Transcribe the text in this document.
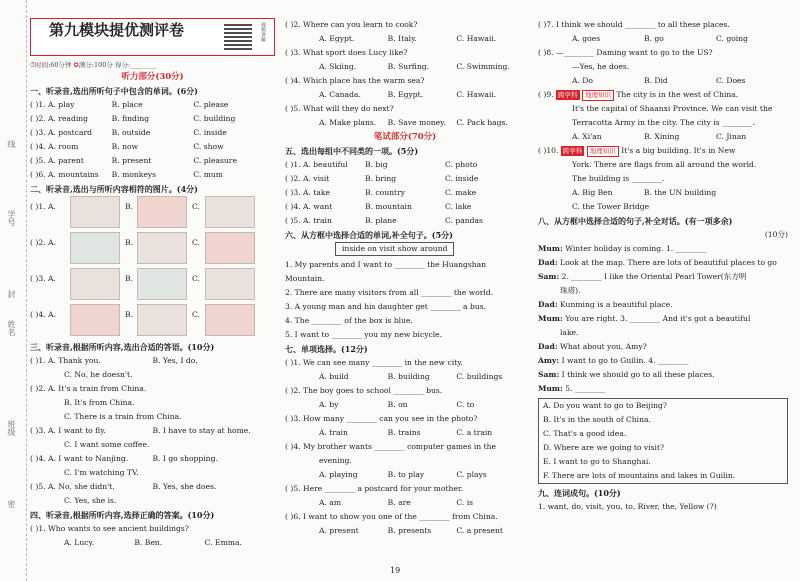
线
学号
封
姓名
班级
密
第九模块提优测评卷	视频讲解
⏱时间:60分钟 ✪满分:100分 得分:________
听力部分(30分)
一、听录音,选出所听句子中包含的单词。(6分)
( )1. A. play	B. place	C. please
( )2. A. reading	B. finding	C. building
( )3. A. postcard	B. outside	C. inside
( )4. A. room	B. now	C. show
( )5. A. parent	B. present	C. pleasure
( )6. A. mountains	B. monkeys	C. mum
二、听录音,选出与所听内容相符的图片。(4分)
( )1. A.	B.	C.
( )2. A.	B.	C.
( )3. A.	B.	C.
( )4. A.	B.	C.
三、听录音,根据所听内容,选出合适的答语。(10分)
( )1. A. Thank you.	B. Yes, I do.
C. No, he doesn't.
( )2. A. It's a train from China.
B. It's from China.
C. There is a train from China.
( )3. A. I want to fly.	B. I have to stay at home.
C. I want some coffee.
( )4. A. I want to Nanjing.	B. I go shopping.
C. I'm watching TV.
( )5. A. No, she didn't.	B. Yes, she does.
C. Yes, she is.
四、听录音,根据所听内容,选择正确的答案。(10分)
( )1. Who wants to see ancient buildings?
A. Lucy.	B. Ben.	C. Emma.
( )2. Where can you learn to cook?
A. Egypt.	B. Italy.	C. Hawaii.
( )3. What sport does Lucy like?
A. Skiing.	B. Surfing.	C. Swimming.
( )4. Which place has the warm sea?
A. Canada.	B. Egypt.	C. Hawaii.
( )5. What will they do next?
A. Make plans.	B. Save money.	C. Pack bags.
笔试部分(70分)
五、选出每组中不同类的一项。(5分)
( )1. A. beautiful	B. big	C. photo
( )2. A. visit	B. bring	C. inside
( )3. A. take	B. country	C. make
( )4. A. want	B. mountain	C. lake
( )5. A. train	B. plane	C. pandas
六、从方框中选择合适的单词,补全句子。(5分)
inside on visit show around
1. My parents and I want to ________ the Huangshan
Mountain.
2. There are many visitors from all ________ the world.
3. A young man and his daughter get ________ a bus.
4. The ________ of the box is blue.
5. I want to ________ you my new bicycle.
七、单项选择。(12分)
( )1. We can see many ________ in the new city.
A. build	B. building	C. buildings
( )2. The boy goes to school ________ bus.
A. by	B. on	C. to
( )3. How many ________ can you see in the photo?
A. train	B. trains	C. a train
( )4. My brother wants ________ computer games in the
evening.
A. playing	B. to play	C. plays
( )5. Here ________ a postcard for your mother.
A. am	B. are	C. is
( )6. I want to show you one of the ________ from China.
A. present	B. presents	C. a present
( )7. I think we should ________ to all these places.
A. goes	B. go	C. going
( )8. —________ Daming want to go to the US?
—Yes, he does.
A. Do	B. Did	C. Does
( )9. 跨学科 地理知识 The city is in the west of China.
It's the capital of Shaanxi Province. We can visit the
Terracotta Army in the city. The city is ________.
A. Xi'an	B. Xining	C. Jinan
( )10. 跨学科 地理知识 It's a big building. It's in New
York. There are flags from all around the world.
The building is ________.
A. Big Ben	B. the UN building
C. the Tower Bridge
八、从方框中选择合适的句子,补全对话。(有一项多余)
(10分)
Mum: Winter holiday is coming. 1. ________
Dad: Look at the map. There are lots of beautiful places to go
Sam: 2. ________ I like the Oriental Pearl Tower(东方明
珠塔).
Dad: Kunming is a beautiful place.
Mum: You are right. 3. ________ And it's got a beautiful
lake.
Dad: What about you, Amy?
Amy: I want to go to Guilin. 4. ________
Sam: I think we should go to all these places.
Mum: 5. ________
A. Do you want to go to Beijing?
B. It's in the south of China.
C. That's a good idea.
D. Where are we going to visit?
E. I want to go to Shanghai.
F. There are lots of mountains and lakes in Guilin.
九、连词成句。(10分)
1. want, do, visit, you, to, River, the, Yellow (?)
19
